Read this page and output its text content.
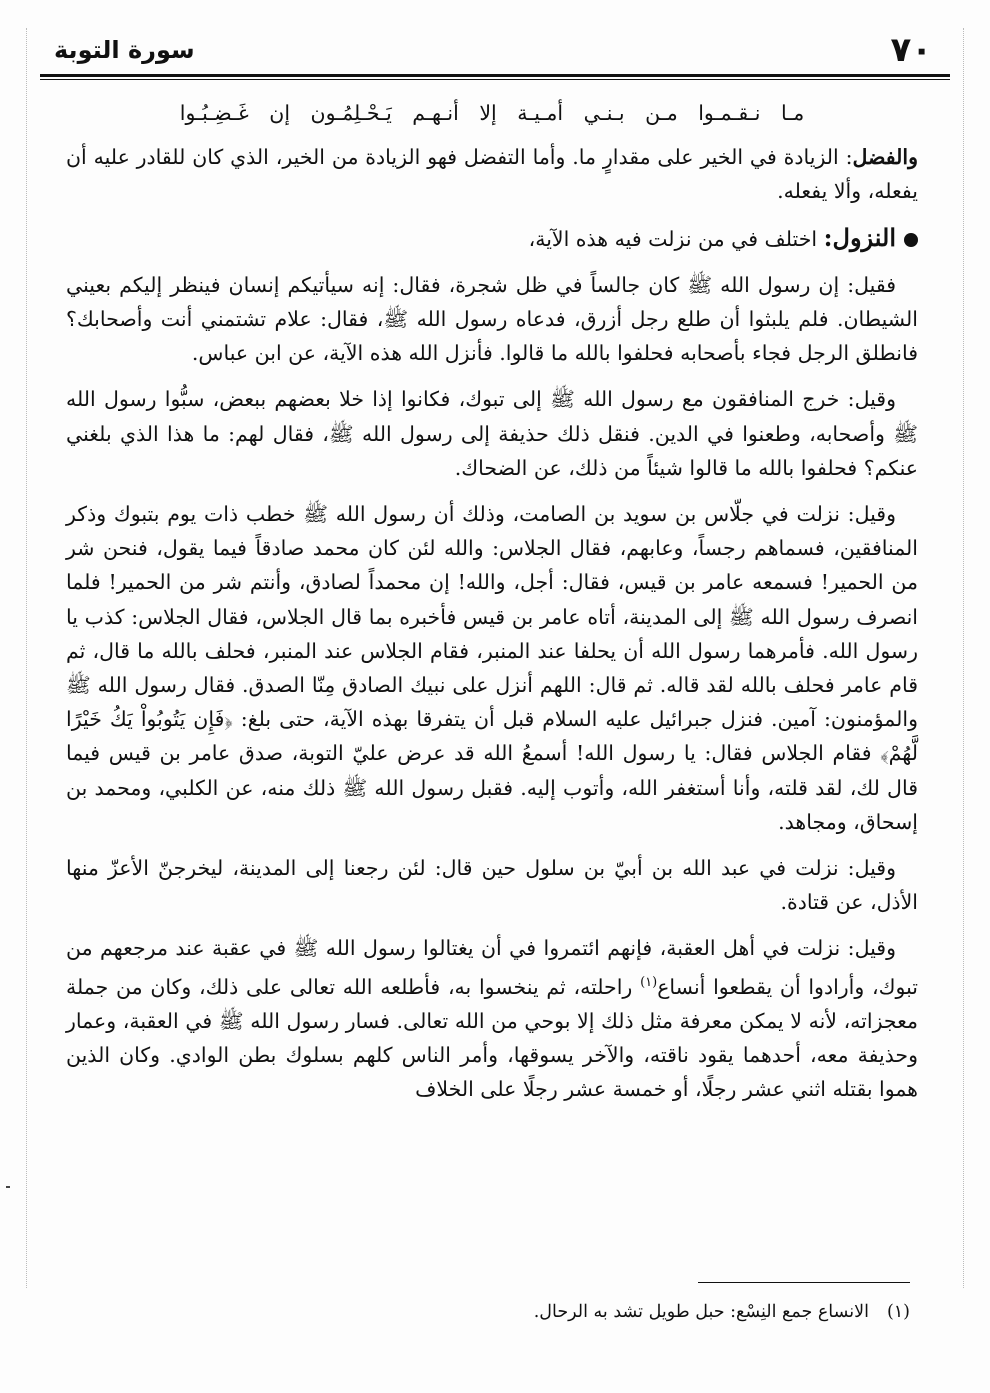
٧٠
سورة التوبة
مـا نـقـمـوا مـن بـنـي أمـيـة إلا أنـهـم يَـحْـلِمُـون إن غَـضِـبُـوا

والفضل: الزيادة في الخير على مقدارٍ ما. وأما التفضل فهو الزيادة من الخير، الذي كان للقادر عليه أن يفعله، وألا يفعله.

النزول: اختلف في من نزلت فيه هذه الآية،

فقيل: إن رسول الله ﷺ كان جالساً في ظل شجرة، فقال: إنه سيأتيكم إنسان فينظر إليكم بعيني الشيطان. فلم يلبثوا أن طلع رجل أزرق، فدعاه رسول الله ﷺ، فقال: علام تشتمني أنت وأصحابك؟ فانطلق الرجل فجاء بأصحابه فحلفوا بالله ما قالوا. فأنزل الله هذه الآية، عن ابن عباس.

وقيل: خرج المنافقون مع رسول الله ﷺ إلى تبوك، فكانوا إذا خلا بعضهم ببعض، سبُّوا رسول الله ﷺ وأصحابه، وطعنوا في الدين. فنقل ذلك حذيفة إلى رسول الله ﷺ، فقال لهم: ما هذا الذي بلغني عنكم؟ فحلفوا بالله ما قالوا شيئاً من ذلك، عن الضحاك.

وقيل: نزلت في جلّاس بن سويد بن الصامت، وذلك أن رسول الله ﷺ خطب ذات يوم بتبوك وذكر المنافقين، فسماهم رجساً، وعابهم، فقال الجلاس: والله لئن كان محمد صادقاً فيما يقول، فنحن شر من الحمير! فسمعه عامر بن قيس، فقال: أجل، والله! إن محمداً لصادق، وأنتم شر من الحمير! فلما انصرف رسول الله ﷺ إلى المدينة، أتاه عامر بن قيس فأخبره بما قال الجلاس، فقال الجلاس: كذب يا رسول الله. فأمرهما رسول الله أن يحلفا عند المنبر، فقام الجلاس عند المنبر، فحلف بالله ما قال، ثم قام عامر فحلف بالله لقد قاله. ثم قال: اللهم أنزل على نبيك الصادق مِنّا الصدق. فقال رسول الله ﷺ والمؤمنون: آمين. فنزل جبرائيل عليه السلام قبل أن يتفرقا بهذه الآية، حتى بلغ: ﴿فَإِن يَتُوبُواْ يَكُ خَيْرًا لَّهُمْ﴾ فقام الجلاس فقال: يا رسول الله! أسمعُ الله قد عرض عليّ التوبة، صدق عامر بن قيس فيما قال لك، لقد قلته، وأنا أستغفر الله، وأتوب إليه. فقبل رسول الله ﷺ ذلك منه، عن الكلبي، ومحمد بن إسحاق، ومجاهد.

وقيل: نزلت في عبد الله بن أبيّ بن سلول حين قال: لئن رجعنا إلى المدينة، ليخرجنّ الأعزّ منها الأذل، عن قتادة.

وقيل: نزلت في أهل العقبة، فإنهم ائتمروا في أن يغتالوا رسول الله ﷺ في عقبة عند مرجعهم من تبوك، وأرادوا أن يقطعوا أنساع$^{(١)}$ راحلته، ثم ينخسوا به، فأطلعه الله تعالى على ذلك، وكان من جملة معجزاته، لأنه لا يمكن معرفة مثل ذلك إلا بوحي من الله تعالى. فسار رسول الله ﷺ في العقبة، وعمار وحذيفة معه، أحدهما يقود ناقته، والآخر يسوقها، وأمر الناس كلهم بسلوك بطن الوادي. وكان الذين هموا بقتله اثني عشر رجلًا، أو خمسة عشر رجلًا على الخلاف

(١)الانساع جمع النِسْع: حبل طويل تشد به الرحال.
